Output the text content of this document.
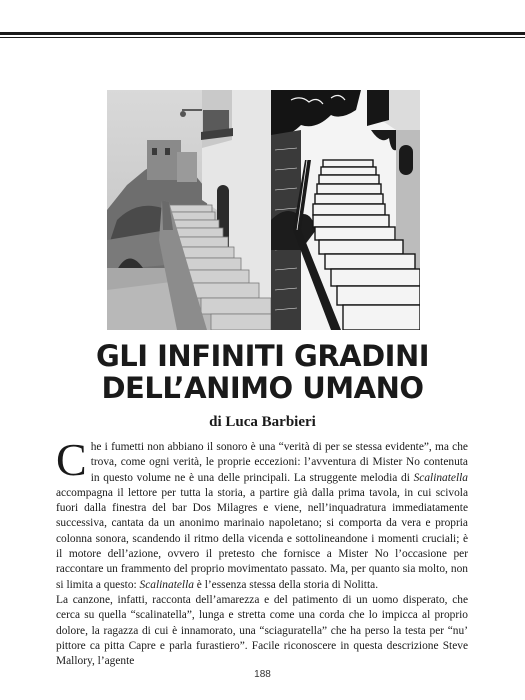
GLI INFINITI GRADINI
DELL’ANIMO UMANO
di Luca Barbieri

Che i fumetti non abbiano il sonoro è una “verità di per se stessa evidente”, ma che trova, come ogni verità, le proprie eccezioni: l’avventura di Mister No contenuta in questo volume ne è una delle principali. La struggente melodia di Scalinatella accompagna il lettore per tutta la storia, a partire già dalla prima tavola, in cui scivola fuori dalla finestra del bar Dos Milagres e viene, nell’inquadratura immediatamente successiva, cantata da un anonimo marinaio napoletano; si comporta da vera e propria colonna sonora, scandendo il ritmo della vicenda e sottolineandone i momenti cruciali; è il motore dell’azione, ovvero il pretesto che fornisce a Mister No l’occasione per raccontare un frammento del proprio movimentato passato. Ma, per quanto sia molto, non si limita a questo: Scalinatella è l’essenza stessa della storia di Nolitta.

La canzone, infatti, racconta dell’amarezza e del patimento di un uomo disperato, che cerca su quella “scalinatella”, lunga e stretta come una corda che lo impicca al proprio dolore, la ragazza di cui è innamorato, una “sciaguratella” che ha perso la testa per “nu’ pittore ca pitta Capre e parla furastiero”. Facile riconoscere in questa descrizione Steve Mallory, l’agente

188
